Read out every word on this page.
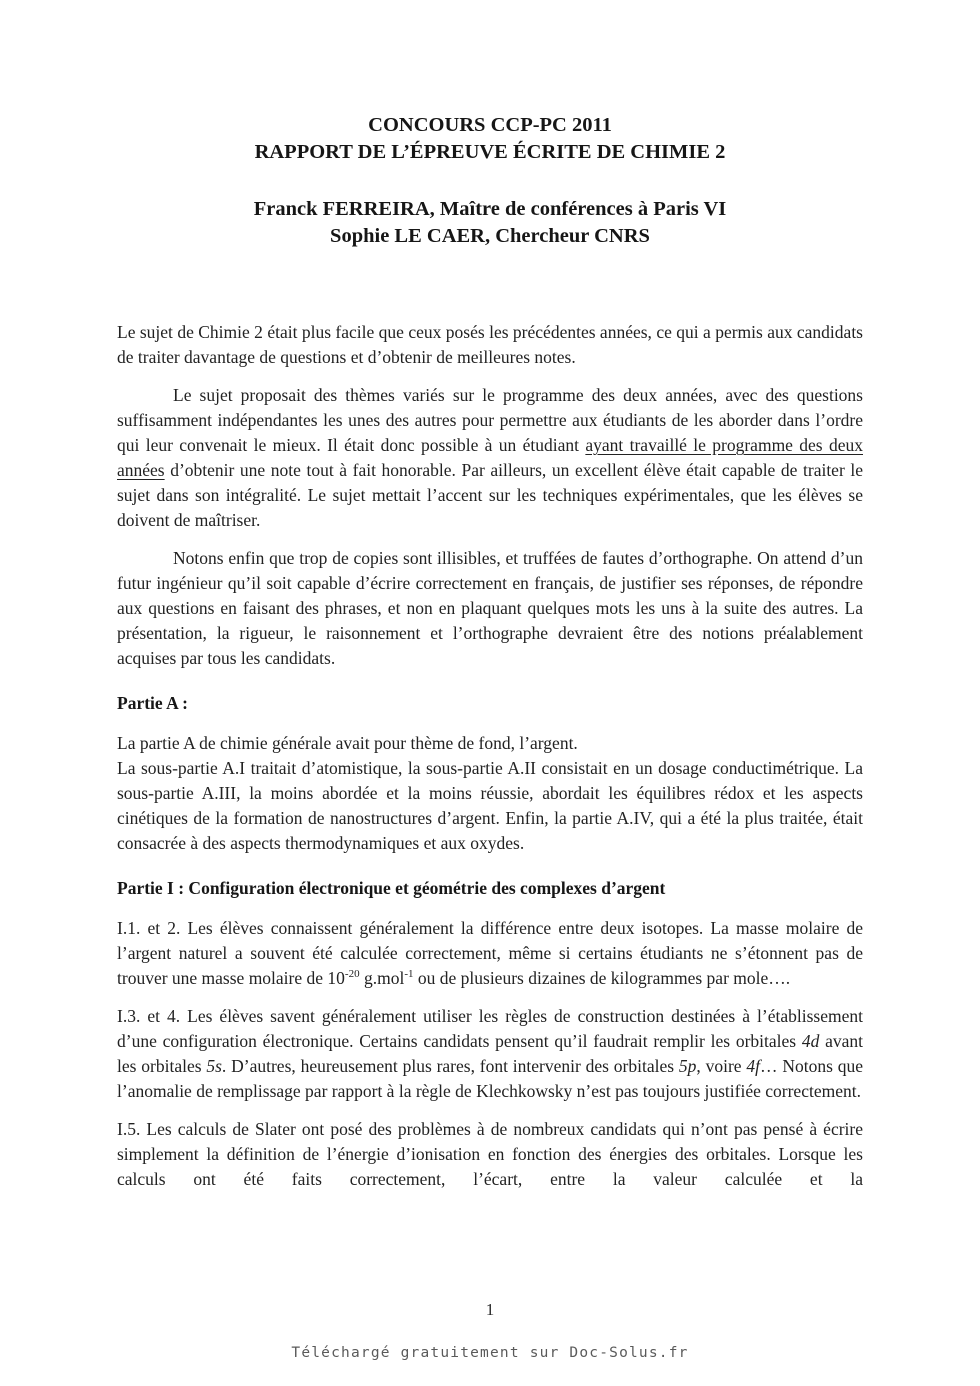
CONCOURS CCP-PC 2011
RAPPORT DE L’ÉPREUVE ÉCRITE DE CHIMIE 2
Franck FERREIRA, Maître de conférences à Paris VI
Sophie LE CAER, Chercheur CNRS

Le sujet de Chimie 2 était plus facile que ceux posés les précédentes années, ce qui a permis aux candidats de traiter davantage de questions et d’obtenir de meilleures notes.

Le sujet proposait des thèmes variés sur le programme des deux années, avec des questions suffisamment indépendantes les unes des autres pour permettre aux étudiants de les aborder dans l’ordre qui leur convenait le mieux. Il était donc possible à un étudiant ayant travaillé le programme des deux années d’obtenir une note tout à fait honorable. Par ailleurs, un excellent élève était capable de traiter le sujet dans son intégralité. Le sujet mettait l’accent sur les techniques expérimentales, que les élèves se doivent de maîtriser.

Notons enfin que trop de copies sont illisibles, et truffées de fautes d’orthographe. On attend d’un futur ingénieur qu’il soit capable d’écrire correctement en français, de justifier ses réponses, de répondre aux questions en faisant des phrases, et non en plaquant quelques mots les uns à la suite des autres. La présentation, la rigueur, le raisonnement et l’orthographe devraient être des notions préalablement acquises par tous les candidats.

Partie A :

La partie A de chimie générale avait pour thème de fond, l’argent.
La sous-partie A.I traitait d’atomistique, la sous-partie A.II consistait en un dosage conductimétrique. La sous-partie A.III, la moins abordée et la moins réussie, abordait les équilibres rédox et les aspects cinétiques de la formation de nanostructures d’argent. Enfin, la partie A.IV, qui a été la plus traitée, était consacrée à des aspects thermodynamiques et aux oxydes.

Partie I : Configuration électronique et géométrie des complexes d’argent

I.1. et 2. Les élèves connaissent généralement la différence entre deux isotopes. La masse molaire de l’argent naturel a souvent été calculée correctement, même si certains étudiants ne s’étonnent pas de trouver une masse molaire de $10^{-20}$ g.mol$^{-1}$ ou de plusieurs dizaines de kilogrammes par mole….

I.3. et 4. Les élèves savent généralement utiliser les règles de construction destinées à l’établissement d’une configuration électronique. Certains candidats pensent qu’il faudrait remplir les orbitales 4d avant les orbitales 5s. D’autres, heureusement plus rares, font intervenir des orbitales 5p, voire 4f… Notons que l’anomalie de remplissage par rapport à la règle de Klechkowsky n’est pas toujours justifiée correctement.

I.5. Les calculs de Slater ont posé des problèmes à de nombreux candidats qui n’ont pas pensé à écrire simplement la définition de l’énergie d’ionisation en fonction des énergies des orbitales. Lorsque les calculs ont été faits correctement, l’écart, entre la valeur calculée et la

1
Téléchargé gratuitement sur Doc-Solus.fr
